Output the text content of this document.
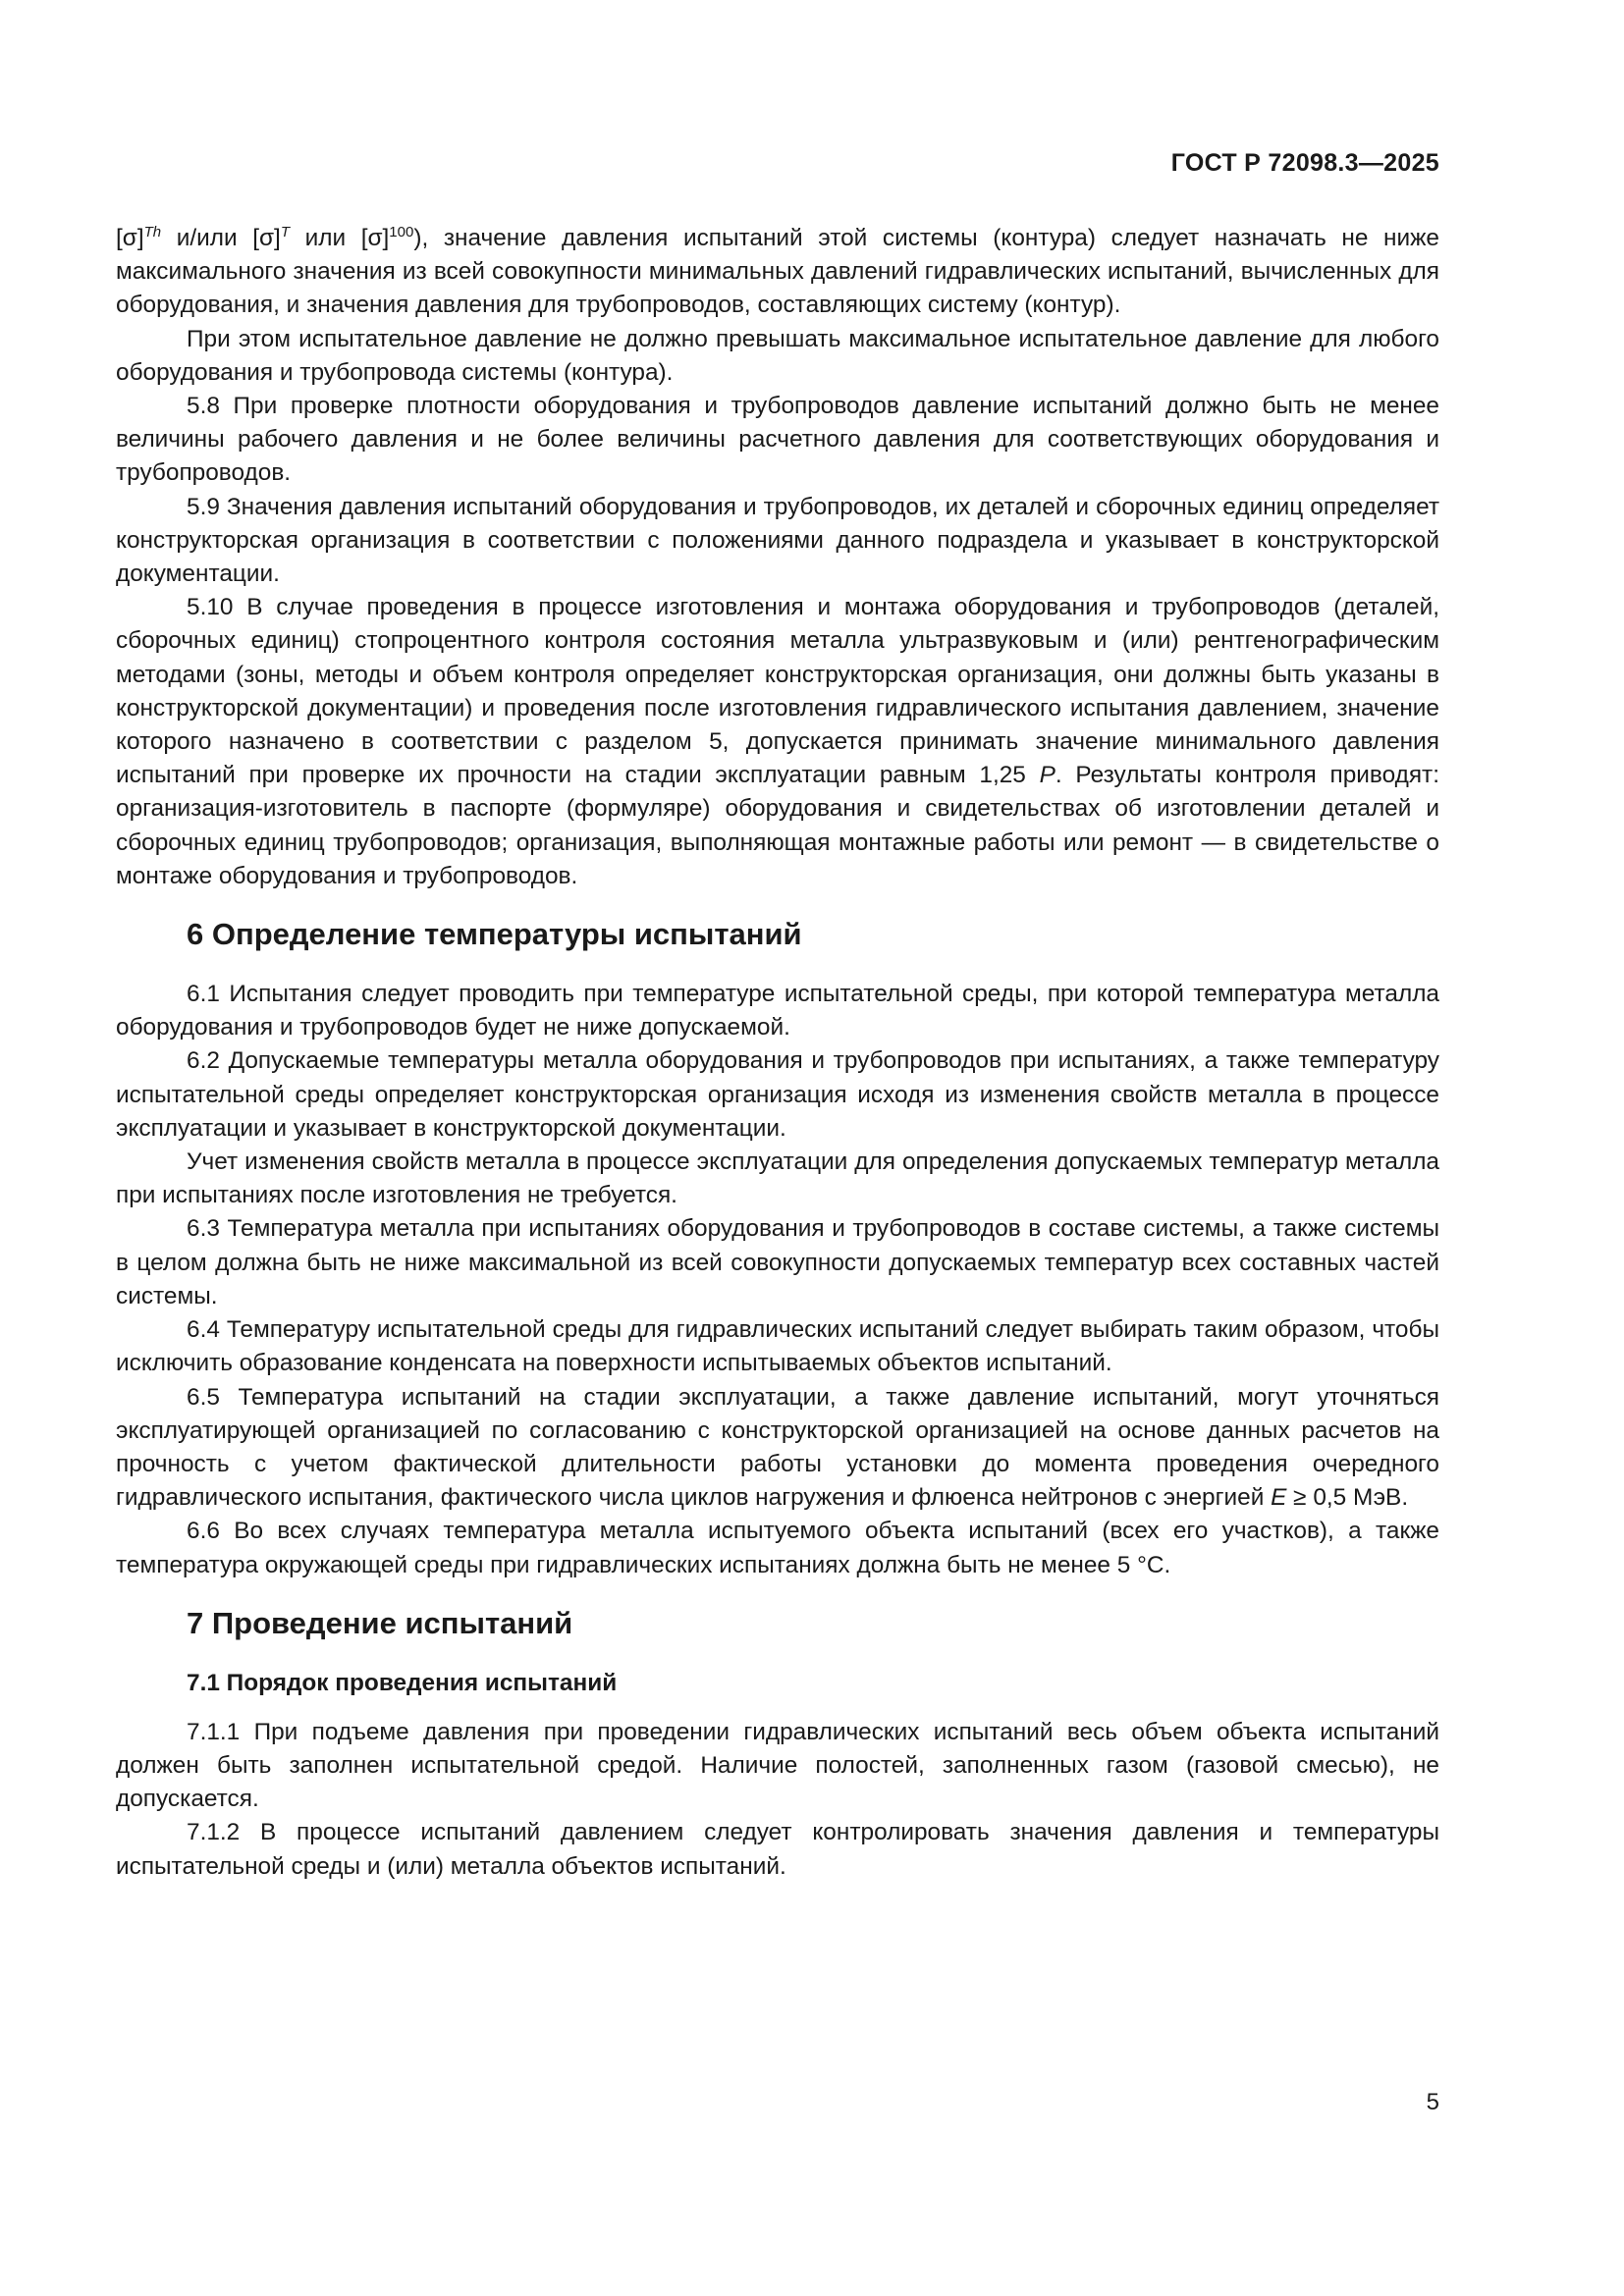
ГОСТ Р 72098.3—2025

$[\sigma]^{Th}$ и/или $[\sigma]^T$ или $[\sigma]^{100}$), значение давления испытаний этой системы (контура) следует назначать не ниже максимального значения из всей совокупности минимальных давлений гидравлических испытаний, вычисленных для оборудования, и значения давления для трубопроводов, составляющих систему (контур).

При этом испытательное давление не должно превышать максимальное испытательное давление для любого оборудования и трубопровода системы (контура).

5.8 При проверке плотности оборудования и трубопроводов давление испытаний должно быть не менее величины рабочего давления и не более величины расчетного давления для соответствующих оборудования и трубопроводов.

5.9 Значения давления испытаний оборудования и трубопроводов, их деталей и сборочных единиц определяет конструкторская организация в соответствии с положениями данного подраздела и указывает в конструкторской документации.

5.10 В случае проведения в процессе изготовления и монтажа оборудования и трубопроводов (деталей, сборочных единиц) стопроцентного контроля состояния металла ультразвуковым и (или) рентгенографическим методами (зоны, методы и объем контроля определяет конструкторская организация, они должны быть указаны в конструкторской документации) и проведения после изготовления гидравлического испытания давлением, значение которого назначено в соответствии с разделом 5, допускается принимать значение минимального давления испытаний при проверке их прочности на стадии эксплуатации равным 1,25 P. Результаты контроля приводят: организация-изготовитель в паспорте (формуляре) оборудования и свидетельствах об изготовлении деталей и сборочных единиц трубопроводов; организация, выполняющая монтажные работы или ремонт — в свидетельстве о монтаже оборудования и трубопроводов.

6 Определение температуры испытаний

6.1 Испытания следует проводить при температуре испытательной среды, при которой температура металла оборудования и трубопроводов будет не ниже допускаемой.

6.2 Допускаемые температуры металла оборудования и трубопроводов при испытаниях, а также температуру испытательной среды определяет конструкторская организация исходя из изменения свойств металла в процессе эксплуатации и указывает в конструкторской документации.

Учет изменения свойств металла в процессе эксплуатации для определения допускаемых температур металла при испытаниях после изготовления не требуется.

6.3 Температура металла при испытаниях оборудования и трубопроводов в составе системы, а также системы в целом должна быть не ниже максимальной из всей совокупности допускаемых температур всех составных частей системы.

6.4 Температуру испытательной среды для гидравлических испытаний следует выбирать таким образом, чтобы исключить образование конденсата на поверхности испытываемых объектов испытаний.

6.5 Температура испытаний на стадии эксплуатации, а также давление испытаний, могут уточняться эксплуатирующей организацией по согласованию с конструкторской организацией на основе данных расчетов на прочность с учетом фактической длительности работы установки до момента проведения очередного гидравлического испытания, фактического числа циклов нагружения и флюенса нейтронов с энергией E ≥ 0,5 МэВ.

6.6 Во всех случаях температура металла испытуемого объекта испытаний (всех его участков), а также температура окружающей среды при гидравлических испытаниях должна быть не менее 5 °С.

7 Проведение испытаний
7.1 Порядок проведения испытаний

7.1.1 При подъеме давления при проведении гидравлических испытаний весь объем объекта испытаний должен быть заполнен испытательной средой. Наличие полостей, заполненных газом (газовой смесью), не допускается.

7.1.2 В процессе испытаний давлением следует контролировать значения давления и температуры испытательной среды и (или) металла объектов испытаний.

5
